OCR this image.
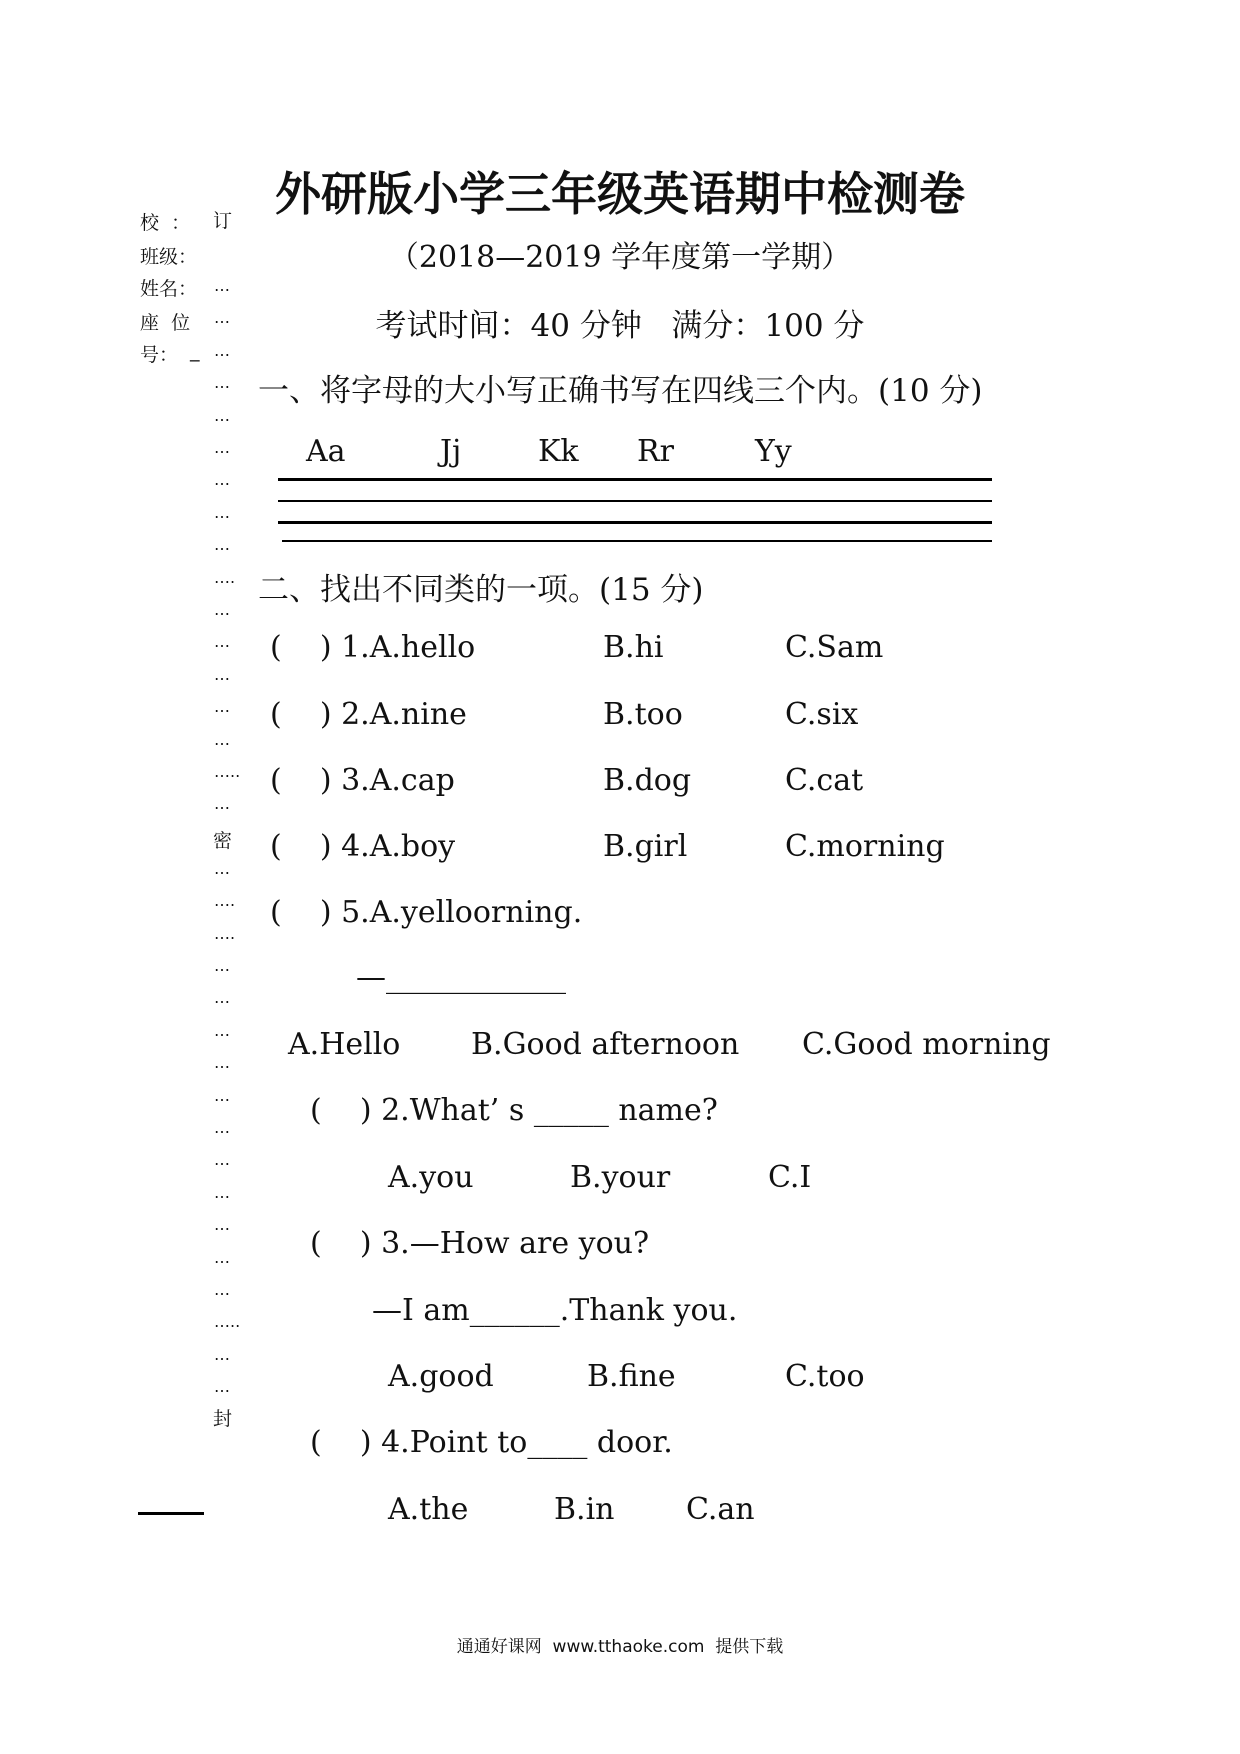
外研版小学三年级英语期中检测卷
（2018—2019 学年度第一学期）
考试时间：40 分钟   满分：100 分
校  ： 订
班级：
姓名：
座  位
号： _
密
封
…
…
…
…
…
…
…
…
…
….
…
…
…
…
…
…..
…
…
….
….
…
…
…
…
…
…
…
…
…
…
…
…..
…
…
一、将字母的大小写正确书写在四线三个内。(10 分)
Aa	Jj	Kk Rr	Yy
二、找出不同类的一项。(15 分)
(    ) 1.A.hello	B.hi	C.Sam
(    ) 2.A.nine	B.too	C.six
(    ) 3.A.cap	B.dog	C.cat
(    ) 4.A.boy	B.girl	C.morning
(    ) 5.A.yelloorning.
—____________
A.Hello B.Good afternoon C.Good morning
(    ) 2.What’ s _____ name?
A.you	B.your	C.I
(    ) 3.—How are you?
—I am______.Thank you.
A.good	B.fine	C.too
(    ) 4.Point to____ door.
A.the	B.in C.an
通通好课网  www.tthaoke.com  提供下载
